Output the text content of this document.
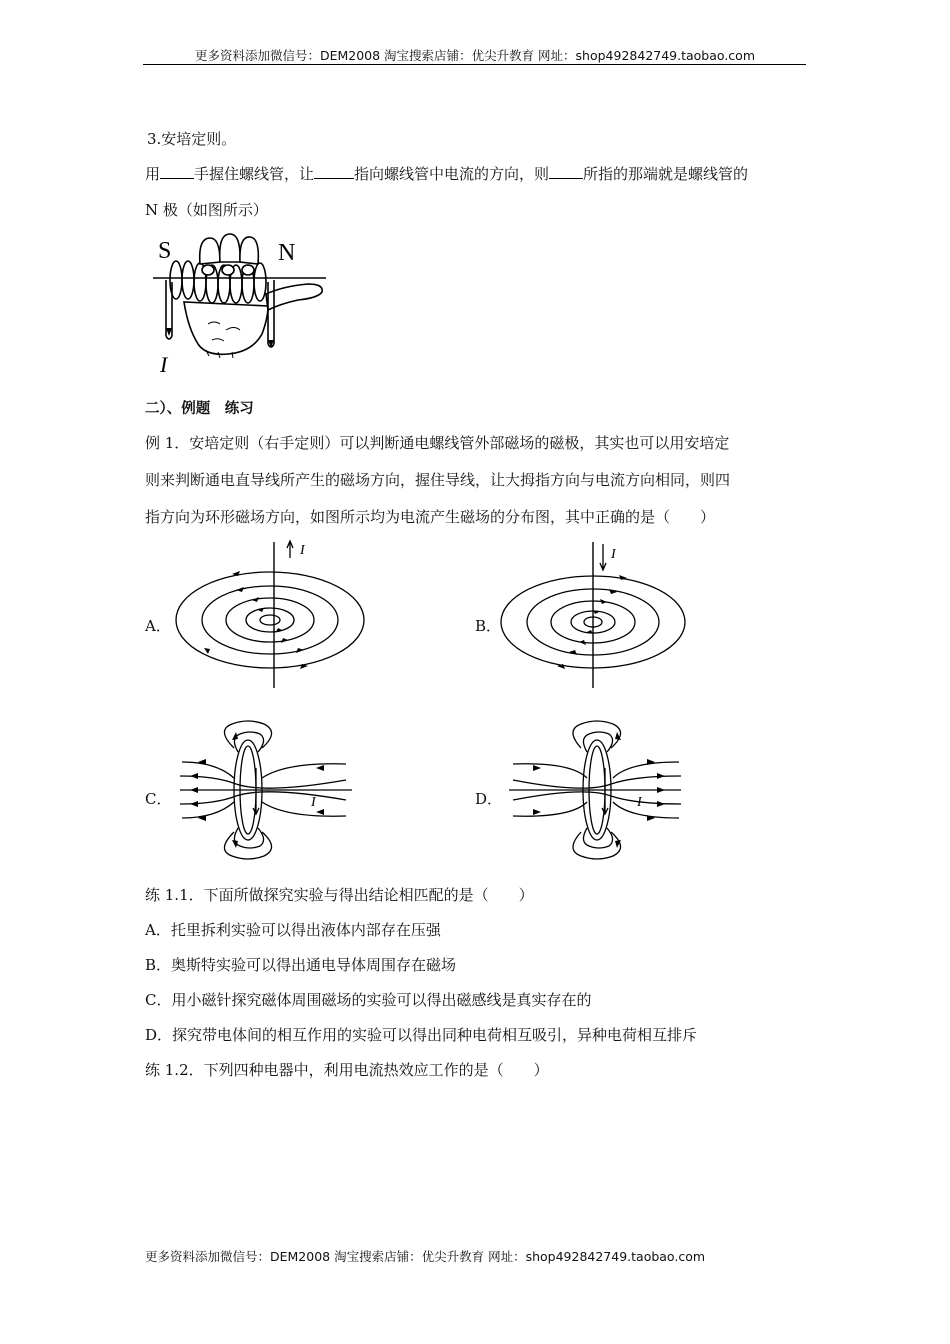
更多资料添加微信号：DEM2008 淘宝搜索店铺：优尖升教育 网址：shop492842749.taobao.com
3.安培定则。
用 手握住螺线管，让	指向螺线管中电流的方向，则 所指的那端就是螺线管的
N 极（如图所示）
S	N
I
二）、例题　练习
例 1．安培定则（右手定则）可以判断通电螺线管外部磁场的磁极，其实也可以用安培定
则来判断通电直导线所产生的磁场方向，握住导线，让大拇指方向与电流方向相同，则四
指方向为环形磁场方向，如图所示均为电流产生磁场的分布图，其中正确的是（　　）
A．
I
B．
I
C．	I	D．	I
练 1.1．下面所做探究实验与得出结论相匹配的是（　　）
A．托里拆利实验可以得出液体内部存在压强
B．奥斯特实验可以得出通电导体周围存在磁场
C．用小磁针探究磁体周围磁场的实验可以得出磁感线是真实存在的
D．探究带电体间的相互作用的实验可以得出同种电荷相互吸引，异种电荷相互排斥
练 1.2．下列四种电器中，利用电流热效应工作的是（　　）
更多资料添加微信号：DEM2008 淘宝搜索店铺：优尖升教育 网址：shop492842749.taobao.com
